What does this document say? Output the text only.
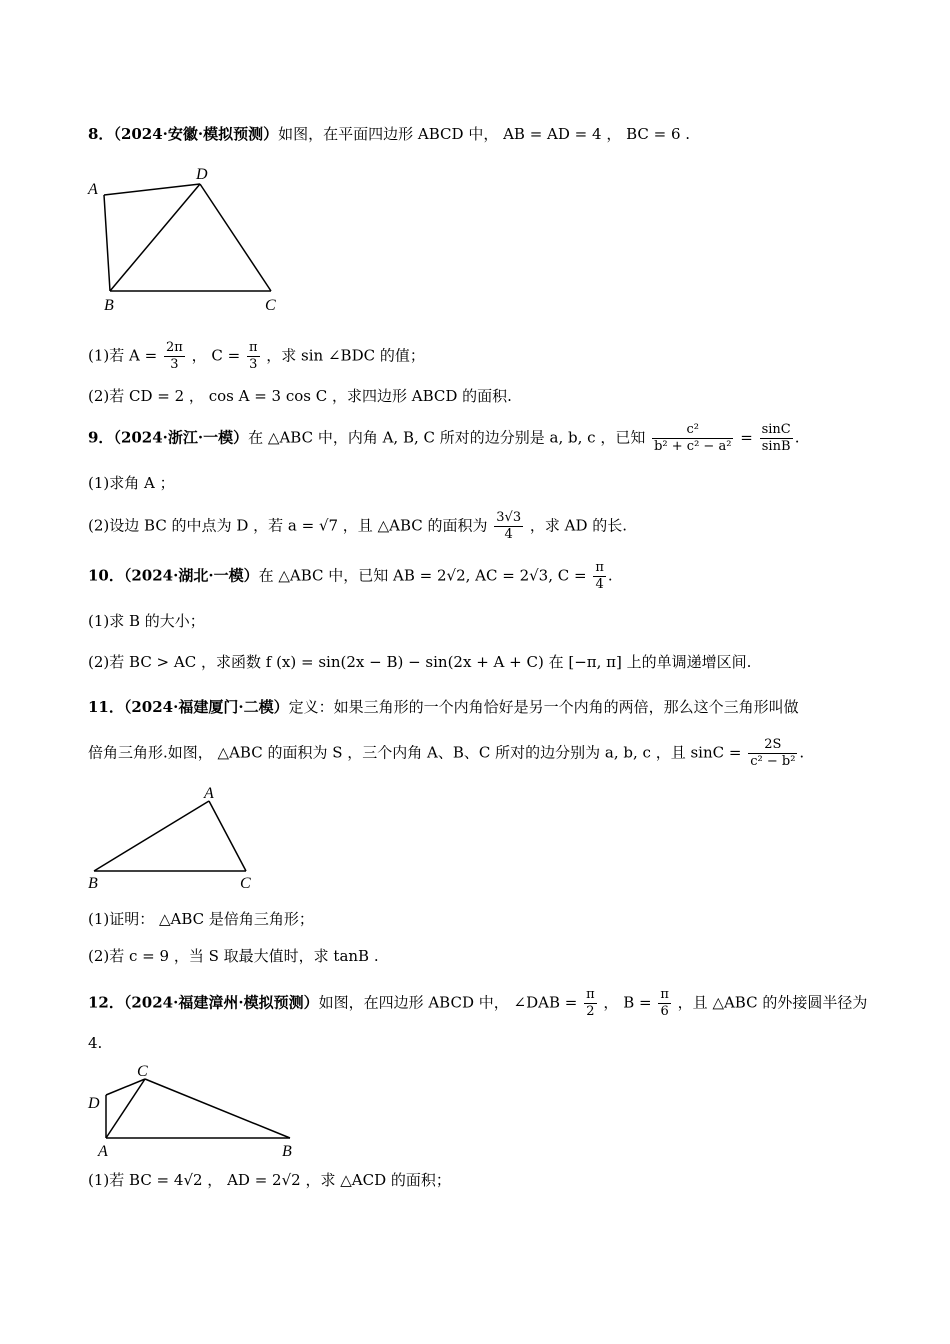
8．（2024·安徽·模拟预测）如图，在平面四边形 ABCD 中， AB = AD = 4 ， BC = 6 .
A
D
B	C
(1)若 $A = \frac{2\pi}{3}$ ， $C = \frac{\pi}{3}$ ，求 sin ∠BDC 的值；
(2)若 CD = 2 ， cos A = 3 cos C ，求四边形 ABCD 的面积.
9．（2024·浙江·一模）在 △ABC 中，内角 A, B, C 所对的边分别是 a, b, c ，已知 $\frac{\text{c²}}{\text{b² + c² − a²}} = \frac{\sin C}{\sin B}$ .
(1)求角 A ；
(2)设边 BC 的中点为 D ，若 a = √7 ，且 △ABC 的面积为 $\frac{3√3}{4}$ ，求 AD 的长.
10．（2024·湖北·一模）在 △ABC 中，已知 AB = 2√2, AC = 2√3, $C = \frac{\pi}{4}$ .
(1)求 B 的大小；
(2)若 BC > AC ，求函数 f (x) = sin(2x − B) − sin(2x + A + C) 在 [−π, π] 上的单调递增区间.
11．（2024·福建厦门·二模）定义：如果三角形的一个内角恰好是另一个内角的两倍，那么这个三角形叫做
倍角三角形.如图， △ABC 的面积为 S ，三个内角 A、B、C 所对的边分别为 a, b, c ，且 $\sin C = \frac{2S}{\text{c² − b²}}$ .
A
B	C
(1)证明： △ABC 是倍角三角形；
(2)若 c = 9 ，当 S 取最大值时，求 tanB .
12．（2024·福建漳州·模拟预测）如图，在四边形 ABCD 中， ∠DAB = $\frac{\pi}{2}$ ， $B = \frac{\pi}{6}$ ，且 △ABC 的外接圆半径为
4.
C
D
A	B
(1)若 BC = 4√2 ， AD = 2√2 ，求 △ACD 的面积；
